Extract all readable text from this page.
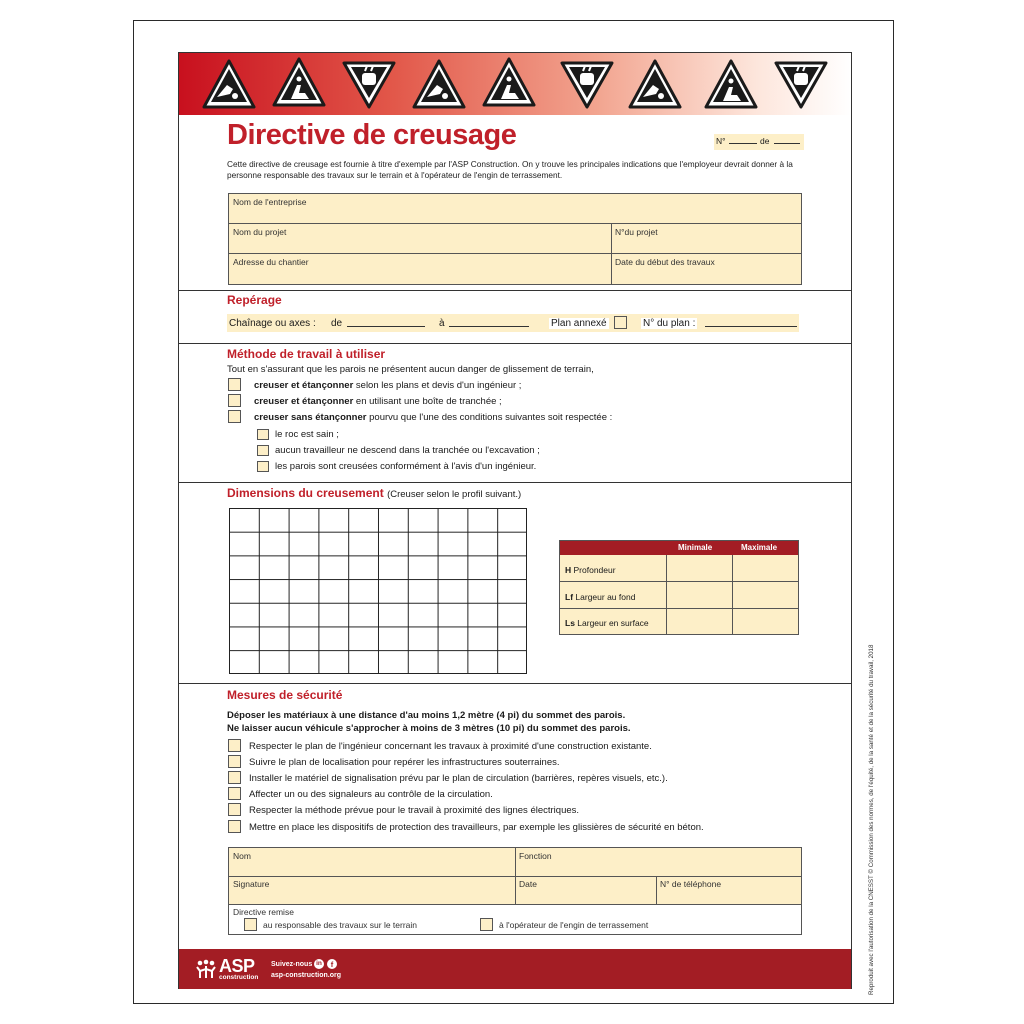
Reproduit avec l'autorisation de la CNESST © Commission des normes, de l'équité, de la santé et de la sécurité du travail, 2018
Directive de creusage	N°	de
Cette directive de creusage est fournie à titre d'exemple par l'ASP Construction. On y trouve les principales indications que l'employeur devrait donner à la personne responsable des travaux sur le terrain et à l'opérateur de l'engin de terrassement.
Nom de l'entreprise
Nom du projet	N°du projet
Adresse du chantier	Date du début des travaux
Repérage
Chaînage ou axes : de	à	Plan annexé	N° du plan :
Méthode de travail à utiliser
Tout en s'assurant que les parois ne présentent aucun danger de glissement de terrain,
creuser et étançonner selon les plans et devis d'un ingénieur ;
creuser et étançonner en utilisant une boîte de tranchée ;
creuser sans étançonner pourvu que l'une des conditions suivantes soit respectée :
le roc est sain ;
aucun travailleur ne descend dans la tranchée ou l'excavation ;
les parois sont creusées conformément à l'avis d'un ingénieur.
Dimensions du creusement (Creuser selon le profil suivant.)
Minimale	Maximale
H Profondeur
Lf Largeur au fond
Ls Largeur en surface
Mesures de sécurité
Déposer les matériaux à une distance d'au moins 1,2 mètre (4 pi) du sommet des parois.
Ne laisser aucun véhicule s'approcher à moins de 3 mètres (10 pi) du sommet des parois.
Respecter le plan de l'ingénieur concernant les travaux à proximité d'une construction existante.
Suivre le plan de localisation pour repérer les infrastructures souterraines.
Installer le matériel de signalisation prévu par le plan de circulation (barrières, repères visuels, etc.).
Affecter un ou des signaleurs au contrôle de la circulation.
Respecter la méthode prévue pour le travail à proximité des lignes électriques.
Mettre en place les dispositifs de protection des travailleurs, par exemple les glissières de sécurité en béton.
Nom	Fonction
Signature	Date	N° de téléphone
Directive remise
au responsable des travaux sur le terrain	à l'opérateur de l'engin de terrassement
ASP
construction
Suivez-nous in	f
asp-construction.org
